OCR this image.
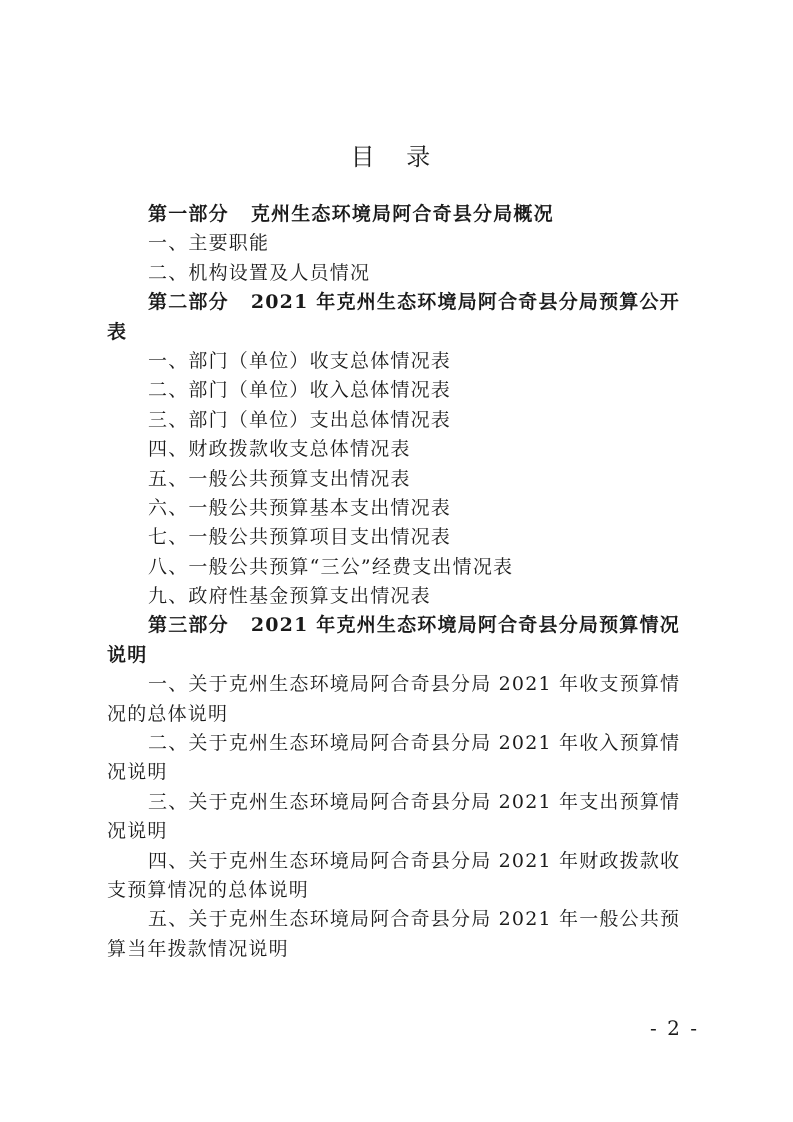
目 录
第一部分 克州生态环境局阿合奇县分局概况
一、主要职能
二、机构设置及人员情况
第二部分 2021 年克州生态环境局阿合奇县分局预算公开
表
一、部门（单位）收支总体情况表
二、部门（单位）收入总体情况表
三、部门（单位）支出总体情况表
四、财政拨款收支总体情况表
五、一般公共预算支出情况表
六、一般公共预算基本支出情况表
七、一般公共预算项目支出情况表
八、一般公共预算“三公”经费支出情况表
九、政府性基金预算支出情况表
第三部分 2021 年克州生态环境局阿合奇县分局预算情况
说明
一、关于克州生态环境局阿合奇县分局 2021 年收支预算情
况的总体说明
二、关于克州生态环境局阿合奇县分局 2021 年收入预算情
况说明
三、关于克州生态环境局阿合奇县分局 2021 年支出预算情
况说明
四、关于克州生态环境局阿合奇县分局 2021 年财政拨款收
支预算情况的总体说明
五、关于克州生态环境局阿合奇县分局 2021 年一般公共预
算当年拨款情况说明
- 2 -
